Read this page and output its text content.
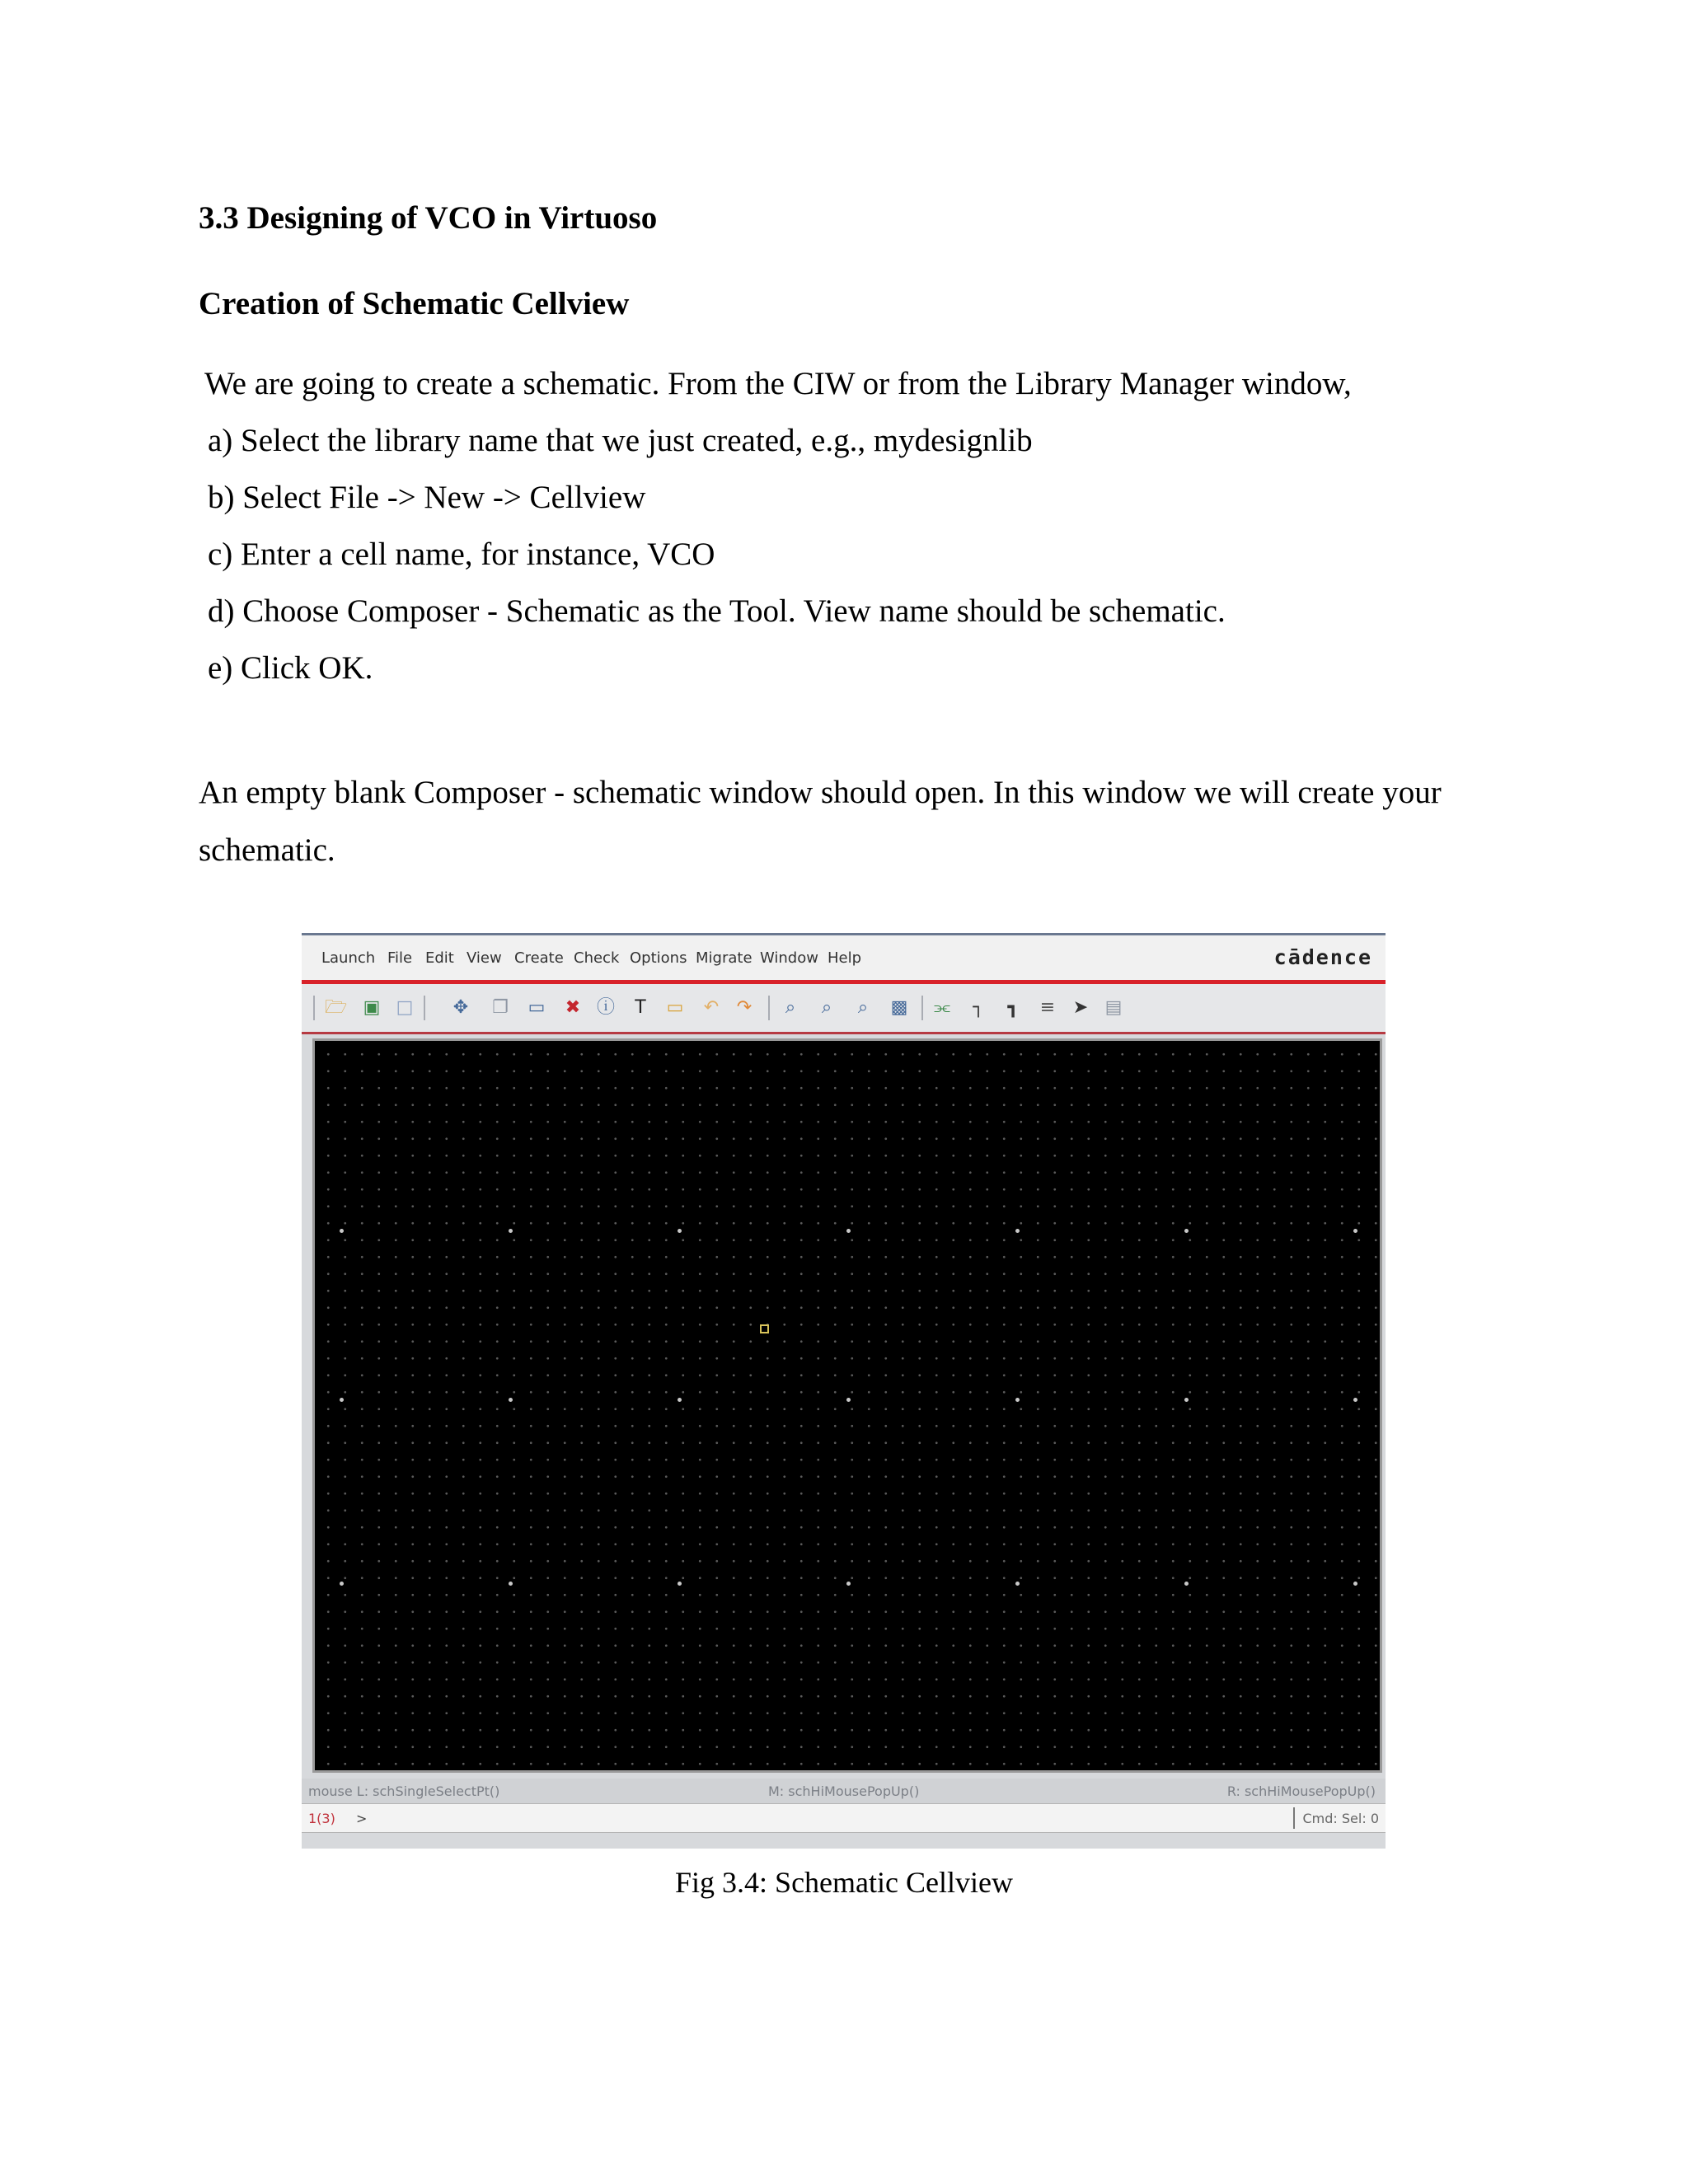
3.3 Designing of VCO in Virtuoso
Creation of Schematic Cellview

We are going to create a schematic. From the CIW or from the Library Manager window,

a) Select the library name that we just created, e.g., mydesignlib

b) Select File -> New -> Cellview

c) Enter a cell name, for instance, VCO

d) Choose Composer - Schematic as the Tool. View name should be schematic.

e) Click OK.

An empty blank Composer - schematic window should open. In this window we will create your schematic.

Launch File Edit View Create Check Options Migrate Window Help	cādence
🗁 ▣ □ ✥ ❐ ▭ ✖ ⓘ T ▭ ↶ ↷	⌕	⌕	⌕	▩ ⫘ ┐ ┓ ≡ ➤ ▤
mouse L: schSingleSelectPt()	M: schHiMousePopUp()	R: schHiMousePopUp()
1(3) >	Cmd: Sel: 0

Fig 3.4: Schematic Cellview
